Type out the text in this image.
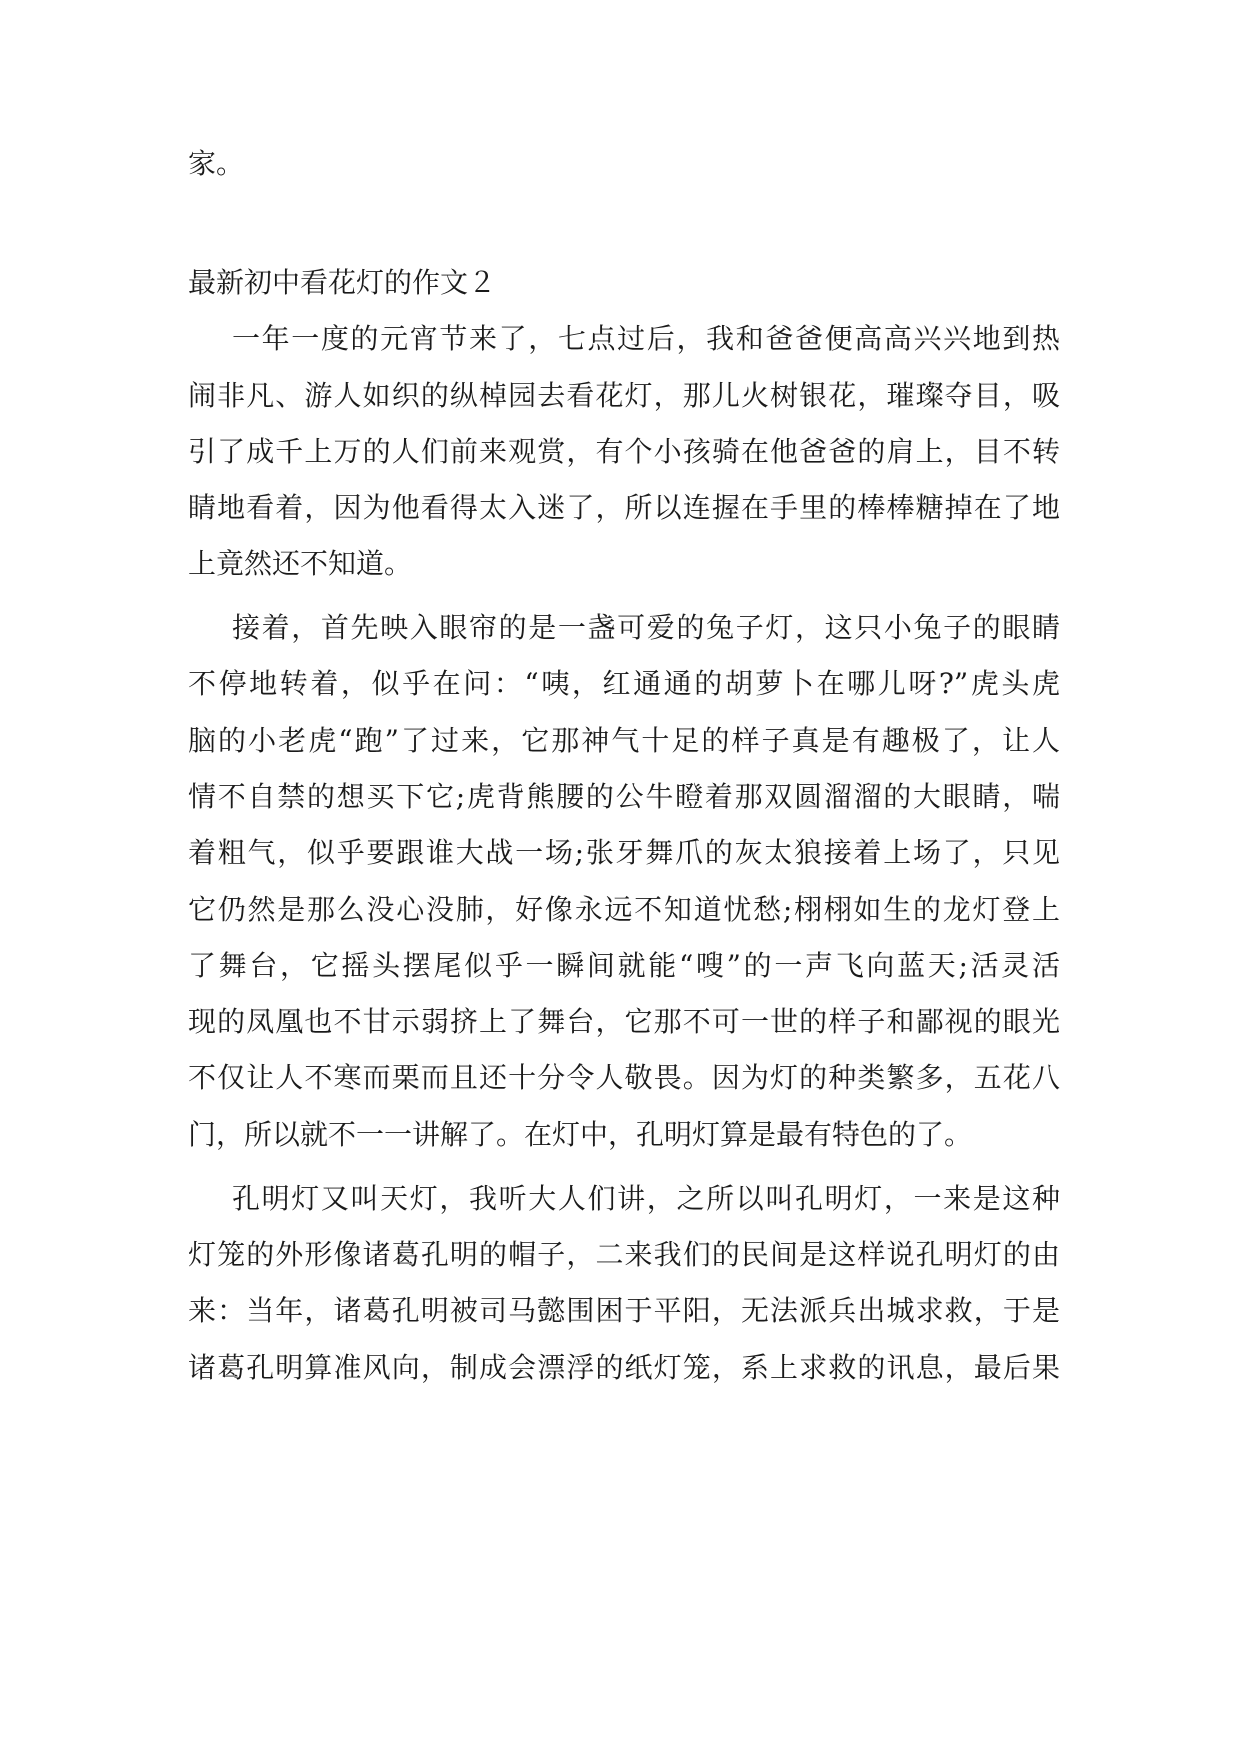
家。

最新初中看花灯的作文２

一年一度的元宵节来了，七点过后，我和爸爸便高高兴兴地到热

闹非凡、游人如织的纵棹园去看花灯，那儿火树银花，璀璨夺目，吸

引了成千上万的人们前来观赏，有个小孩骑在他爸爸的肩上，目不转

睛地看着，因为他看得太入迷了，所以连握在手里的棒棒糖掉在了地

上竟然还不知道。

接着，首先映入眼帘的是一盏可爱的兔子灯，这只小兔子的眼睛

不停地转着，似乎在问：“咦，红通通的胡萝卜在哪儿呀?”虎头虎

脑的小老虎“跑”了过来，它那神气十足的样子真是有趣极了，让人

情不自禁的想买下它;虎背熊腰的公牛瞪着那双圆溜溜的大眼睛，喘

着粗气，似乎要跟谁大战一场;张牙舞爪的灰太狼接着上场了，只见

它仍然是那么没心没肺，好像永远不知道忧愁;栩栩如生的龙灯登上

了舞台，它摇头摆尾似乎一瞬间就能“嗖”的一声飞向蓝天;活灵活

现的凤凰也不甘示弱挤上了舞台，它那不可一世的样子和鄙视的眼光

不仅让人不寒而栗而且还十分令人敬畏。因为灯的种类繁多，五花八

门，所以就不一一讲解了。在灯中，孔明灯算是最有特色的了。

孔明灯又叫天灯，我听大人们讲，之所以叫孔明灯，一来是这种

灯笼的外形像诸葛孔明的帽子，二来我们的民间是这样说孔明灯的由

来：当年，诸葛孔明被司马懿围困于平阳，无法派兵出城求救，于是

诸葛孔明算准风向，制成会漂浮的纸灯笼，系上求救的讯息，最后果
